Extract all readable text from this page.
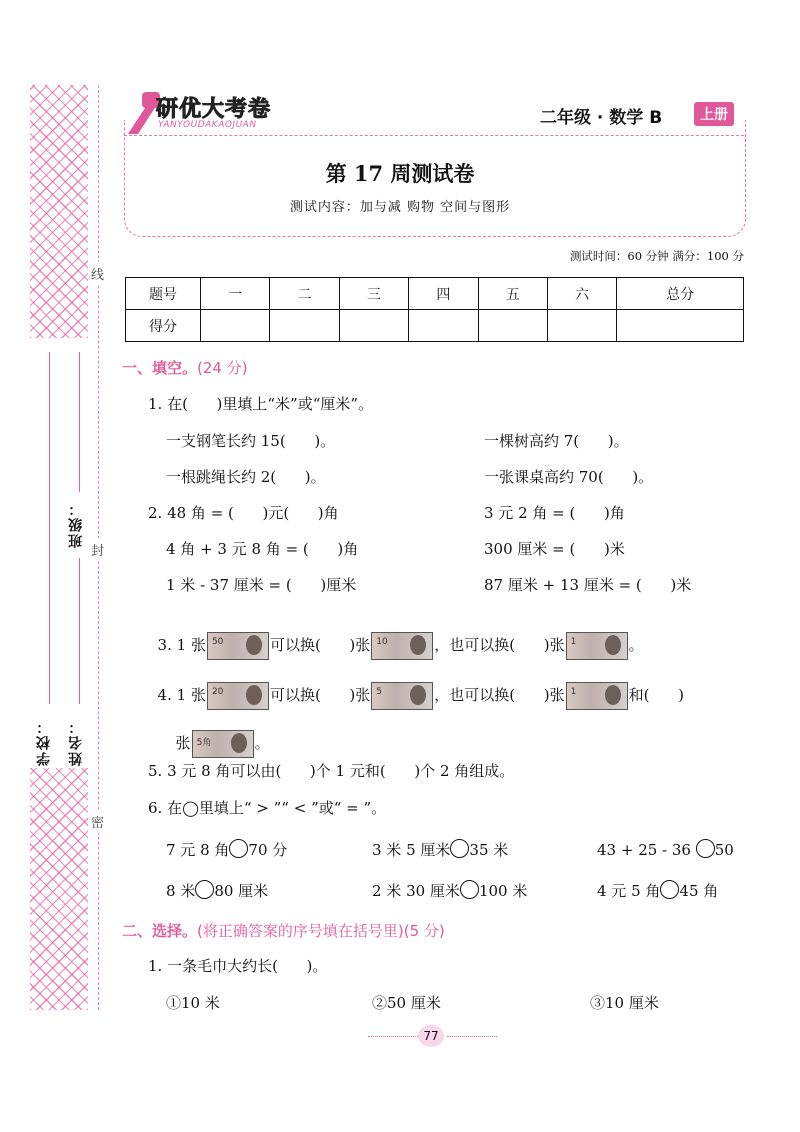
线
封
密
学校： 姓名：
班级：
研优大考卷
YANYOUDAKAOJUAN	二年级 · 数学 B	上册
第 17 周测试卷
测试内容：加与减 购物 空间与图形
测试时间：60 分钟 满分：100 分
题号	一	二	三	四	五	六	总分
得分							
一、填空。(24 分)
1. 在(      )里填上“米”或“厘米”。
一支钢笔长约 15(      )。	一棵树高约 7(      )。
一根跳绳长约 2(      )。	一张课桌高约 70(      )。
2. 48 角 = (      )元(      )角	3 元 2 角 = (      )角
4 角 + 3 元 8 角 = (      )角	300 厘米 = (      )米
1 米 - 37 厘米 = (      )厘米	87 厘米 + 13 厘米 = (      )米

3. 1 张 50	可以换(      )张 10	，也可以换(      )张 1	。

4. 1 张 20	可以换(      )张 5	，也可以换(      )张 1	和(      )

张 5角	。

5. 3 元 8 角可以由(      )个 1 元和(      )个 2 角组成。
6. 在◯里填上“ > ”“ < ”或“ = ”。
7 元 8 角 70 分	3 米 5 厘米 35 米	43 + 25 - 36 50
8 米 80 厘米	2 米 30 厘米 100 米	4 元 5 角 45 角
二、选择。(将正确答案的序号填在括号里)(5 分)
1. 一条毛巾大约长(      )。
①10 米	②50 厘米	③10 厘米
77
